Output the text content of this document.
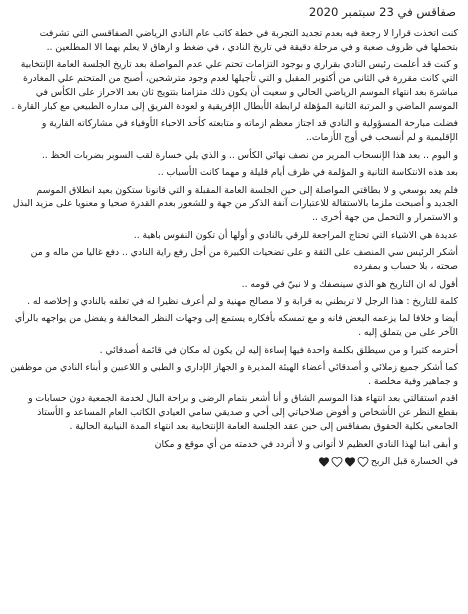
صفاقس في 23 سبتمبر 2020

كنت اتخذت قرارا لا رجعة فيه بعدم تجديد التجربة في خطة كاتب عام النادي الرياضي الصفاقسي التي تشرفت بتحملها في ظروف صعبة و في مرحلة دقيقة في تاريخ النادي ، في ضغط و ارهاق لا يعلم بهما الا المطلعين ..

و كنت قد أعلمت رئيس النادي بقراري و بوجود التزامات تحتم علي عدم المواصلة بعد تاريخ الجلسة العامة الإنتخابية التي كانت مقررة في الثاني من أكتوبر المقبل و التي تأجيلها لعدم وجود مترشحين، أصبح من المتحتم علي المغادرة مباشرة بعد انتهاء الموسم الرياضي الحالي و سعيت أن يكون ذلك متزامنا بتتويج ثان بعد الاحراز على الكأس في الموسم الماضي و المرتبة الثانية المؤهلة لرابطة الأبطال الإفريقية و لعودة الفريق إلى مداره الطبيعي مع كبار القارة .

فضلت مبارحة المسؤولية و النادي قد اجتاز معظم ازماته و متابعته كأحد الاحباء الأوفياء في مشاركاته القارية و الإقليمية و لم أنسحب في أوج الأزمات..

و اليوم .. بعد هذا الإنسحاب المرير من نصف نهائي الكأس .. و الذي يلي خسارة لقب السوبر بضربات الحظ ..

بعد هذه الانتكاسة الثانية و المؤلمة في ظرف أيام قليلة و مهما كانت الأسباب ..

فلم يعد بوسعي و لا بطاقتي المواصلة إلى حين الجلسة العامة المقبلة و التي قانونا ستكون بعيد انطلاق الموسم الجديد و أصبحت ملزما بالاستقالة للاعتبارات آنفة الذكر من جهة و للشعور بعدم القدرة صحيا و معنويا على مزيد البذل و الاستمرار و التحمل من جهة أخرى ..

عديدة هي الاشياء التي تحتاج المراجعة للرقي بالنادي و أولها أن تكون النفوس باهية ..

أشكر الرئيس سي المنصف على الثقة و على تضحيات الكبيرة من أجل رفع راية النادي .. دفع غاليا من ماله و من صحته ، بلا حساب و بمفرده

أقول له ان التاريخ هو الذي سينصفك و لا نبيّ في قومه ..

كلمة للتاريخ : هذا الرجل لا تربطني به قرابة و لا مصالح مهنية و لم أعرف نظيرا له في تعلقه بالنادي و إخلاصه له .

أيضا و خلافا لما يزعمه البعض فانه و مع تمسكه بأفكاره يستمع إلى وجهات النظر المخالفة و يفضل من يواجهه بالرأي الآخر على من يتملق إليه .

أحترمه كثيرا و من سيطلق بكلمة واحدة فيها إساءة إليه لن يكون له مكان في قائمة أصدقائي .

كما أشكر جميع زملائي و أصدقائي أعضاء الهيئة المديرة و الجهاز الإداري و الطبي و اللاعبين و أبناء النادي من موظفين و جماهير وفية مخلصة .

اقدم استقالتي بعد انتهاء هذا الموسم الشاق و أنا أشعر بتمام الرضى و براحة البال لخدمة الجمعية دون حسابات و بقطع النظر عن الأشخاص و أفوض صلاحياتي إلى أخي و صديقي سامي العيادي الكاتب العام المساعد و الأستاذ الجامعي بكلية الحقوق بصفاقس إلى حين عقد الجلسة العامة الإنتخابية بعد انتهاء المدة النيابية الحالية .

و أبقى ابنا لهذا النادي العظيم لا أتوانى و لا أتردد في خدمته من أي موقع و مكان

في الخسارة قبل الربح
